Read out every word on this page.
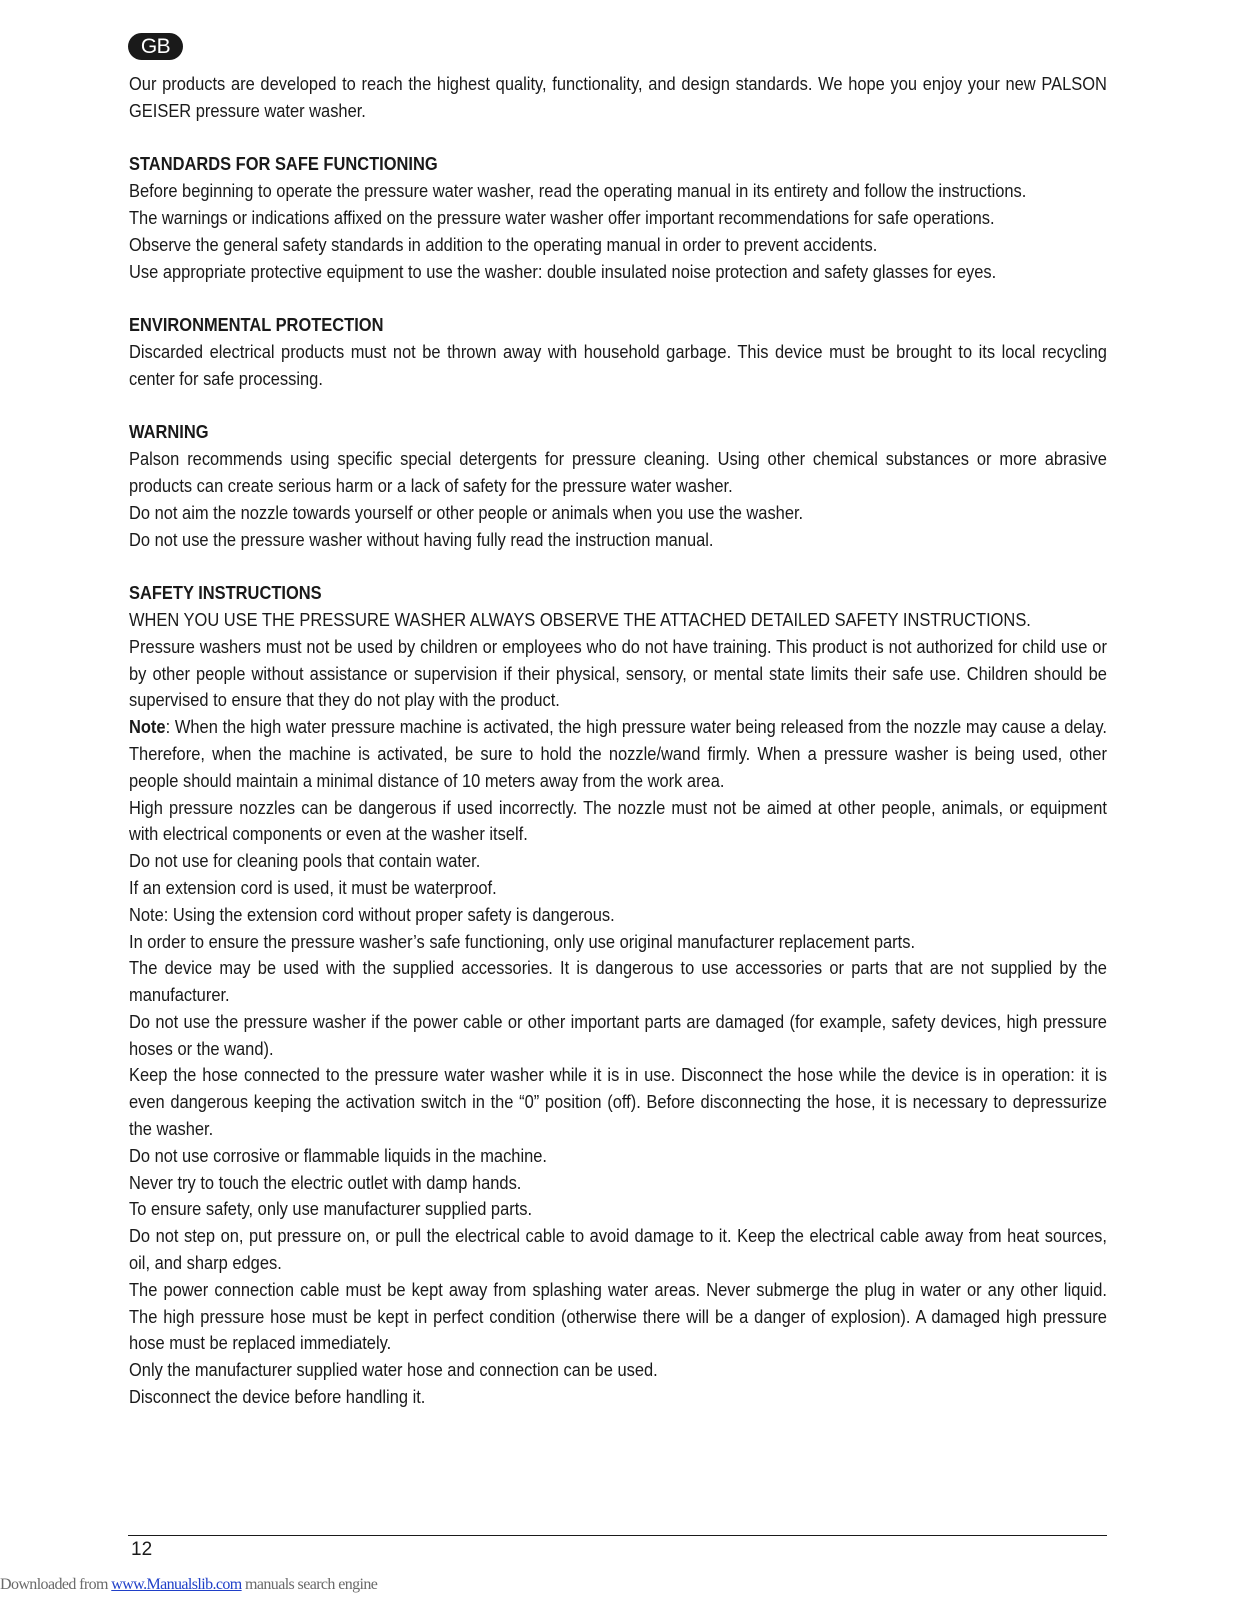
GB

Our products are developed to reach the highest quality, functionality, and design standards. We hope you enjoy your new PALSON GEISER pressure water washer.

STANDARDS FOR SAFE FUNCTIONING

Before beginning to operate the pressure water washer, read the operating manual in its entirety and follow the instructions.

The warnings or indications affixed on the pressure water washer offer important recommendations for safe operations.

Observe the general safety standards in addition to the operating manual in order to prevent accidents.

Use appropriate protective equipment to use the washer: double insulated noise protection and safety glasses for eyes.

ENVIRONMENTAL PROTECTION

Discarded electrical products must not be thrown away with household garbage. This device must be brought to its local recycling center for safe processing.

WARNING

Palson recommends using specific special detergents for pressure cleaning. Using other chemical substances or more abrasive products can create serious harm or a lack of safety for the pressure water washer.

Do not aim the nozzle towards yourself or other people or animals when you use the washer.

Do not use the pressure washer without having fully read the instruction manual.

SAFETY INSTRUCTIONS

WHEN YOU USE THE PRESSURE WASHER ALWAYS OBSERVE THE ATTACHED DETAILED SAFETY INSTRUCTIONS.

Pressure washers must not be used by children or employees who do not have training. This product is not authorized for child use or by other people without assistance or supervision if their physical, sensory, or mental state limits their safe use. Children should be supervised to ensure that they do not play with the product.

Note: When the high water pressure machine is activated, the high pressure water being released from the nozzle may cause a delay. Therefore, when the machine is activated, be sure to hold the nozzle/wand firmly. When a pressure washer is being used, other people should maintain a minimal distance of 10 meters away from the work area.

High pressure nozzles can be dangerous if used incorrectly. The nozzle must not be aimed at other people, animals, or equipment with electrical components or even at the washer itself.

Do not use for cleaning pools that contain water.

If an extension cord is used, it must be waterproof.

Note: Using the extension cord without proper safety is dangerous.

In order to ensure the pressure washer’s safe functioning, only use original manufacturer replacement parts.

The device may be used with the supplied accessories. It is dangerous to use accessories or parts that are not supplied by the manufacturer.

Do not use the pressure washer if the power cable or other important parts are damaged (for example, safety devices, high pressure hoses or the wand).

Keep the hose connected to the pressure water washer while it is in use. Disconnect the hose while the device is in operation: it is even dangerous keeping the activation switch in the “0” position (off). Before disconnecting the hose, it is necessary to depressurize the washer.

Do not use corrosive or flammable liquids in the machine.

Never try to touch the electric outlet with damp hands.

To ensure safety, only use manufacturer supplied parts.

Do not step on, put pressure on, or pull the electrical cable to avoid damage to it. Keep the electrical cable away from heat sources, oil, and sharp edges.

The power connection cable must be kept away from splashing water areas. Never submerge the plug in water or any other liquid. The high pressure hose must be kept in perfect condition (otherwise there will be a danger of explosion). A damaged high pressure hose must be replaced immediately.

Only the manufacturer supplied water hose and connection can be used.

Disconnect the device before handling it.

12
Downloaded from www.Manualslib.com manuals search engine
